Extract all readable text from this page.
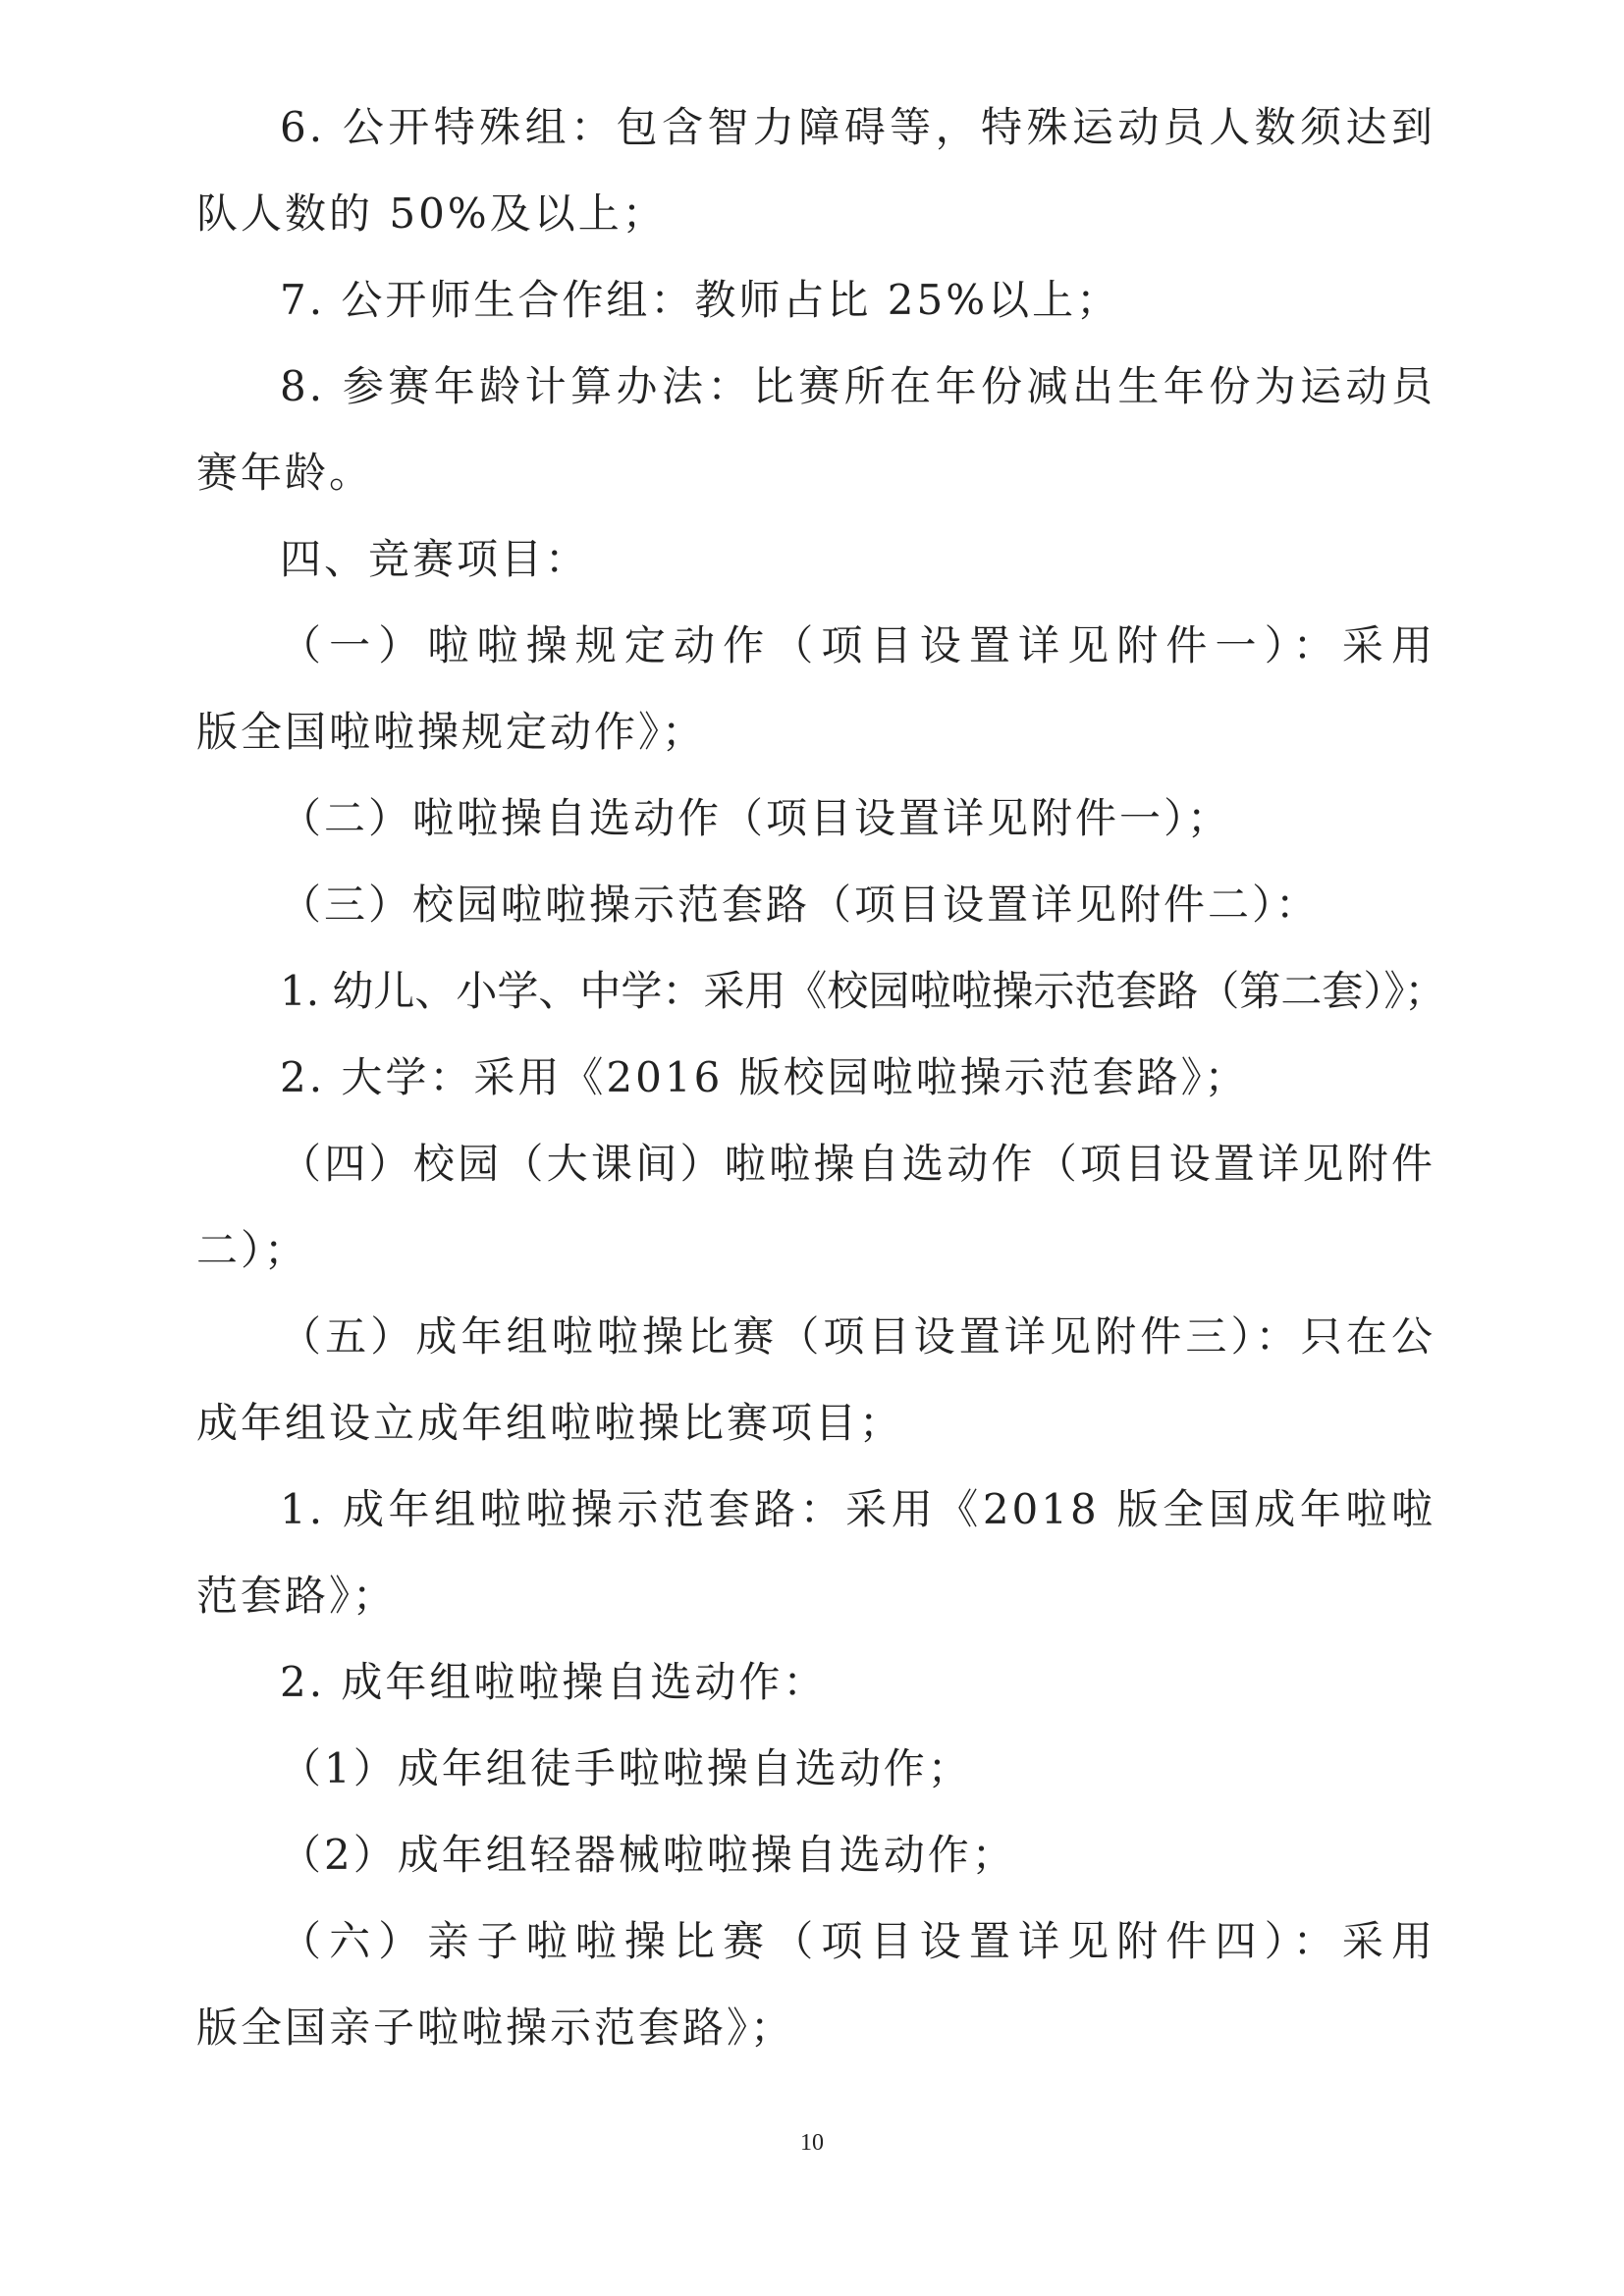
6. 公开特殊组：包含智力障碍等，特殊运动员人数须达到
队人数的 50%及以上；
7. 公开师生合作组：教师占比 25%以上；
8. 参赛年龄计算办法：比赛所在年份减出生年份为运动员
赛年龄。
四、竞赛项目：
（一）啦啦操规定动作（项目设置详见附件一）：采用
版全国啦啦操规定动作》；
（二）啦啦操自选动作（项目设置详见附件一）；
（三）校园啦啦操示范套路（项目设置详见附件二）：
1. 幼儿、小学、中学：采用《校园啦啦操示范套路（第二套）》；
2. 大学：采用《2016 版校园啦啦操示范套路》；
（四）校园（大课间）啦啦操自选动作（项目设置详见附件
二）；
（五）成年组啦啦操比赛（项目设置详见附件三）：只在公
成年组设立成年组啦啦操比赛项目；
1. 成年组啦啦操示范套路：采用《2018 版全国成年啦啦
范套路》；
2. 成年组啦啦操自选动作：
（1）成年组徒手啦啦操自选动作；
（2）成年组轻器械啦啦操自选动作；
（六）亲子啦啦操比赛（项目设置详见附件四）：采用
版全国亲子啦啦操示范套路》；
10
